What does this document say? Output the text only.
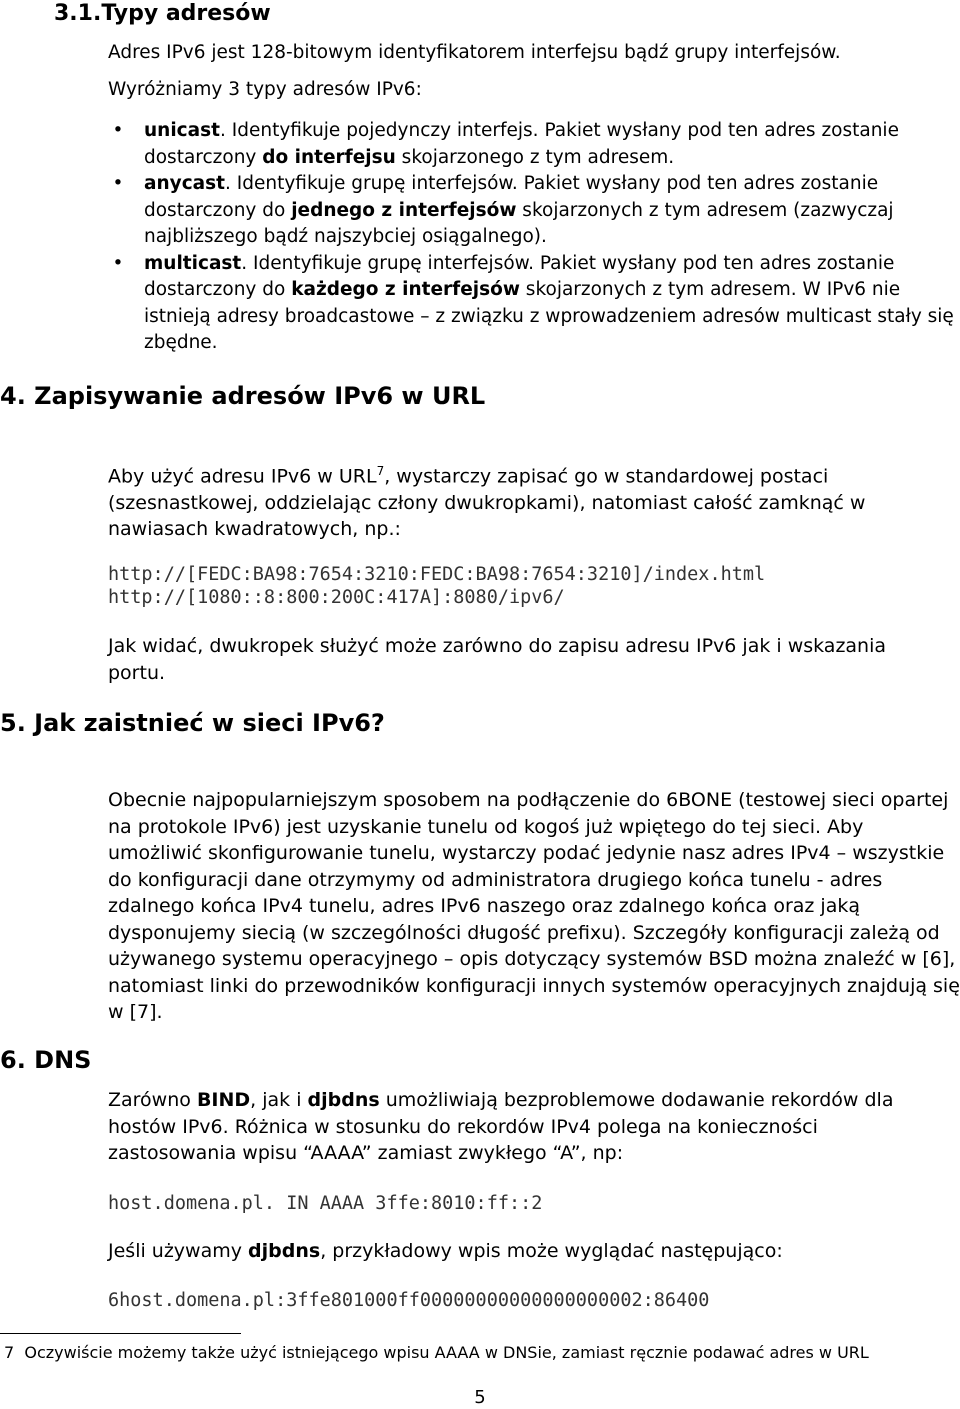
3.1.Typy adresów

Adres IPv6 jest 128-bitowym identyfikatorem interfejsu bądź grupy interfejsów.

Wyróżniamy 3 typy adresów IPv6:

• unicast. Identyfikuje pojedynczy interfejs. Pakiet wysłany pod ten adres zostanie dostarczony do interfejsu skojarzonego z tym adresem.
• anycast. Identyfikuje grupę interfejsów. Pakiet wysłany pod ten adres zostanie dostarczony do jednego z interfejsów skojarzonych z tym adresem (zazwyczaj najbliższego bądź najszybciej osiągalnego).
• multicast. Identyfikuje grupę interfejsów. Pakiet wysłany pod ten adres zostanie dostarczony do każdego z interfejsów skojarzonych z tym adresem. W IPv6 nie istnieją adresy broadcastowe – z związku z wprowadzeniem adresów multicast stały się zbędne.
4. Zapisywanie adresów IPv6 w URL

Aby użyć adresu IPv6 w URL$^7$, wystarczy zapisać go w standardowej postaci (szesnastkowej, oddzielając człony dwukropkami), natomiast całość zamknąć w nawiasach kwadratowych, np.:

http://[FEDC:BA98:7654:3210:FEDC:BA98:7654:3210]/index.html

http://[1080::8:800:200C:417A]:8080/ipv6/

Jak widać, dwukropek służyć może zarówno do zapisu adresu IPv6 jak i wskazania portu.

5. Jak zaistnieć w sieci IPv6?

Obecnie najpopularniejszym sposobem na podłączenie do 6BONE (testowej sieci opartej na protokole IPv6) jest uzyskanie tunelu od kogoś już wpiętego do tej sieci. Aby umożliwić skonfigurowanie tunelu, wystarczy podać jedynie nasz adres IPv4 – wszystkie do konfiguracji dane otrzymymy od administratora drugiego końca tunelu - adres zdalnego końca IPv4 tunelu, adres IPv6 naszego oraz zdalnego końca oraz jaką dysponujemy siecią (w szczególności długość prefixu). Szczegóły konfiguracji zależą od używanego systemu operacyjnego – opis dotyczący systemów BSD można znaleźć w [6], natomiast linki do przewodników konfiguracji innych systemów operacyjnych znajdują się w [7].

6. DNS

Zarówno BIND, jak i djbdns umożliwiają bezproblemowe dodawanie rekordów dla hostów IPv6. Różnica w stosunku do rekordów IPv4 polega na konieczności zastosowania wpisu “AAAA” zamiast zwykłego “A”, np:

host.domena.pl. IN AAAA 3ffe:8010:ff::2

Jeśli używamy djbdns, przykładowy wpis może wyglądać następująco:

6host.domena.pl:3ffe801000ff00000000000000000002:86400

7 Oczywiście możemy także użyć istniejącego wpisu AAAA w DNSie, zamiast ręcznie podawać adres w URL

5
